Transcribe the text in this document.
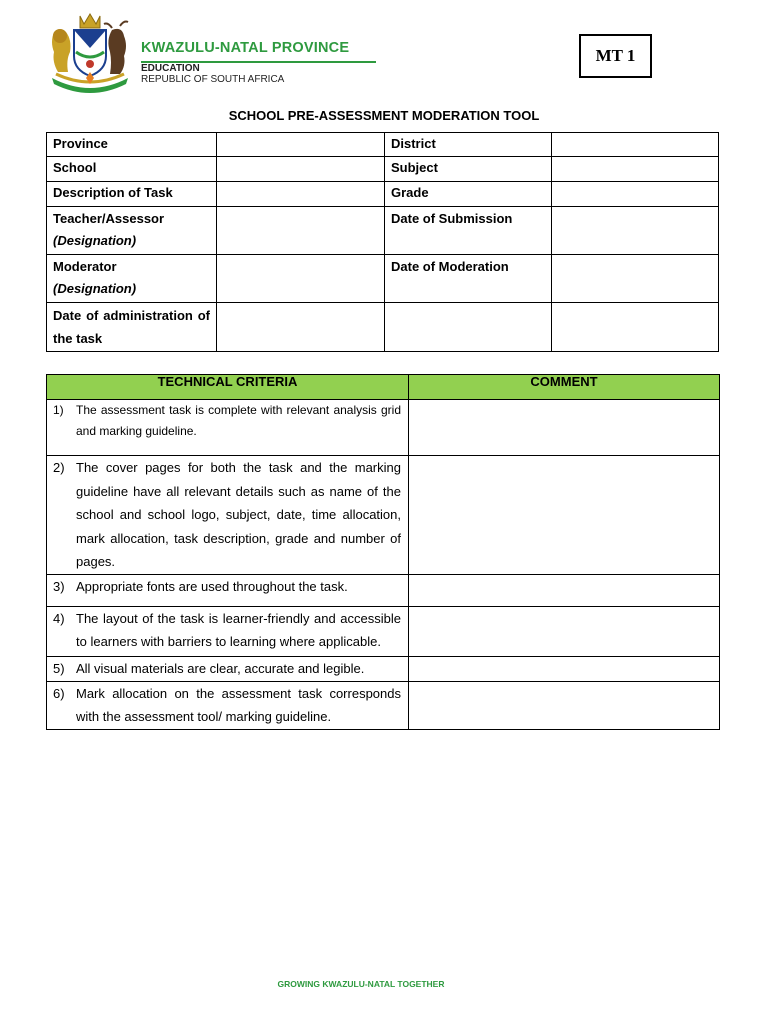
KWAZULU-NATAL PROVINCE
EDUCATION
REPUBLIC OF SOUTH AFRICA
MT 1
SCHOOL PRE-ASSESSMENT MODERATION TOOL
Province		District	
School		Subject	
Description of Task		Grade	

Teacher/Assessor
(Designation)		Date of Submission	

Moderator
(Designation)		Date of Moderation	
Date of administration of the task			
TECHNICAL CRITERIA	COMMENT

1) The assessment task is complete with relevant analysis grid and marking guideline.	

2) The cover pages for both the task and the marking guideline have all relevant details such as name of the school and school logo, subject, date, time allocation, mark allocation, task description, grade and number of pages.	

3) Appropriate fonts are used throughout the task.	

4) The layout of the task is learner-friendly and accessible to learners with barriers to learning where applicable.	

5) All visual materials are clear, accurate and legible.	

6) Mark allocation on the assessment task corresponds with the assessment tool/ marking guideline.	

GROWING KWAZULU-NATAL TOGETHER
